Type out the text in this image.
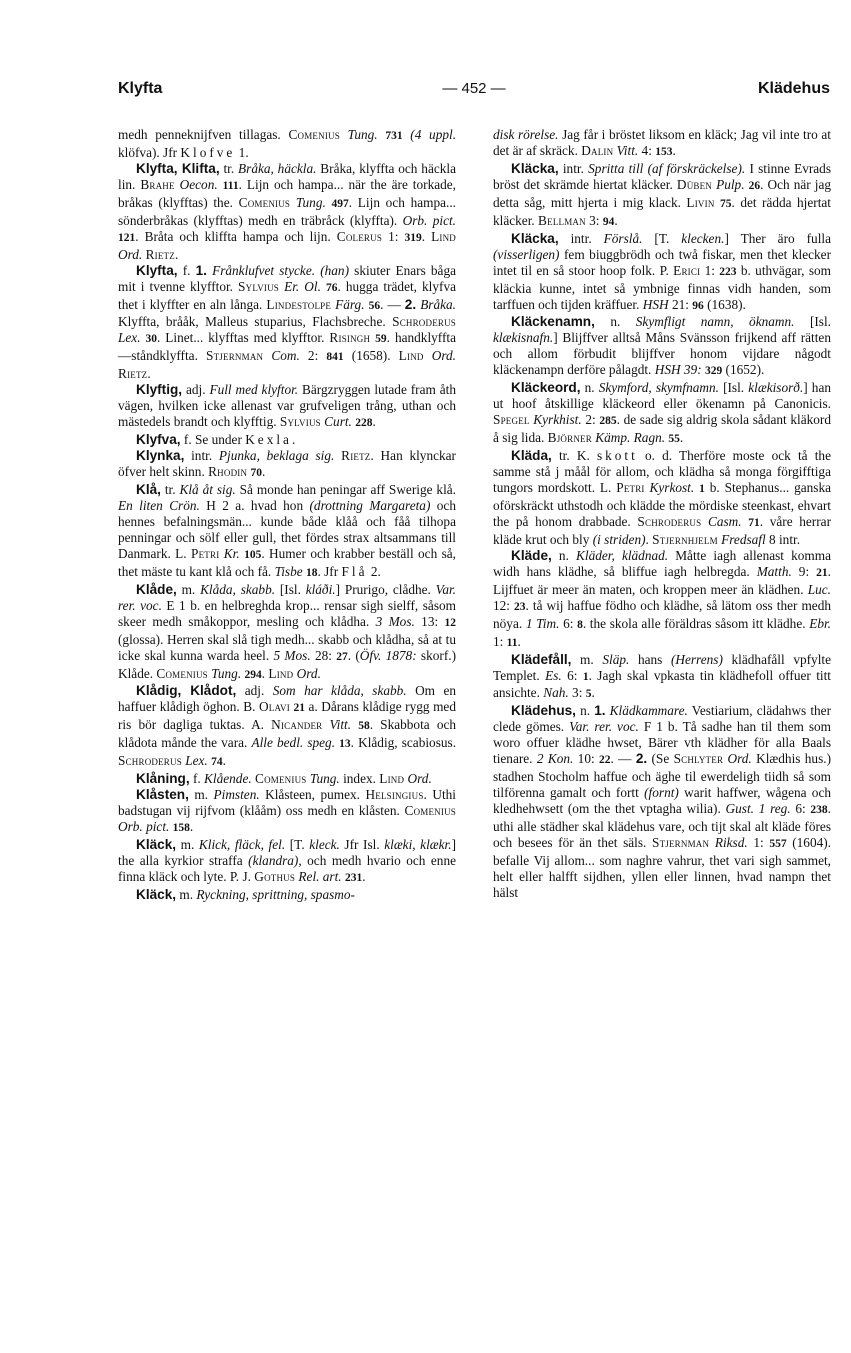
Klyfta	— 452 —	Klädehus

medh penneknijfven tillagas. Comenius Tung. 731 (4 uppl. klöfva). Jfr Klofve 1.

Klyfta, Klifta, tr. Bråka, häckla. Bråka, klyffta och häckla lin. Brahe Oecon. 111. Lijn och hampa... när the äre torkade, bråkas (klyfftas) the. Comenius Tung. 497. Lijn och hampa... sönderbråkas (klyfftas) medh en träbråck (klyffta). Orb. pict. 121. Bråta och kliffta hampa och lijn. Colerus 1: 319. Lind Ord. Rietz.

Klyfta, f. 1. Frånklufvet stycke. (han) skiuter Enars båga mit i tvenne klyfftor. Sylvius Er. Ol. 76. hugga trädet, klyfva thet i klyffter en aln långa. Lindestolpe Färg. 56. — 2. Bråka. Klyffta, brååk, Malleus stuparius, Flachsbreche. Schroderus Lex. 30. Linet... klyfftas med klyfftor. Risingh 59. handklyffta—ståndklyffta. Stjernman Com. 2: 841 (1658). Lind Ord. Rietz.

Klyftig, adj. Full med klyftor. Bärgzryggen lutade fram åth vägen, hvilken icke allenast var grufveligen trång, uthan och mästedels brandt och klyfftig. Sylvius Curt. 228.

Klyfva, f. Se under Kexla.

Klynka, intr. Pjunka, beklaga sig. Rietz. Han klynckar öfver helt skinn. Rhodin 70.

Klå, tr. Klå åt sig. Så monde han peningar aff Swerige klå. En liten Crön. H 2 a. hvad hon (drottning Margareta) och hennes befalningsmän... kunde både klåå och fåå tilhopa penningar och sölf eller gull, thet fördes strax altsammans till Danmark. L. Petri Kr. 105. Humer och krabber beställ och så, thet mäste tu kant klå och få. Tisbe 18. Jfr Flå 2.

Klåde, m. Klåda, skabb. [Isl. kláði.] Prurigo, clådhe. Var. rer. voc. E 1 b. en helbreghda krop... rensar sigh sielff, såsom skeer medh småkoppor, mesling och klådha. 3 Mos. 13: 12 (glossa). Herren skal slå tigh medh... skabb och klådha, så at tu icke skal kunna warda heel. 5 Mos. 28: 27. (Öfv. 1878: skorf.) Klåde. Comenius Tung. 294. Lind Ord.

Klådig, Klådot, adj. Som har klåda, skabb. Om en haffuer klådigh öghon. B. Olavi 21 a. Dårans klådige rygg med ris bör dagliga tuktas. A. Nicander Vitt. 58. Skabbota och klådota månde the vara. Alle bedl. speg. 13. Klådig, scabiosus. Schroderus Lex. 74.

Klåning, f. Klående. Comenius Tung. index. Lind Ord.

Klåsten, m. Pimsten. Klåsteen, pumex. Helsingius. Uthi badstugan vij rijfvom (klååm) oss medh en klåsten. Comenius Orb. pict. 158.

Kläck, m. Klick, fläck, fel. [T. kleck. Jfr Isl. klæki, klækr.] the alla kyrkior straffa (klandra), och medh hvario och enne finna kläck och lyte. P. J. Gothus Rel. art. 231.

Kläck, m. Ryckning, sprittning, spasmo-

disk rörelse. Jag får i bröstet liksom en kläck; Jag vil inte tro at det är af skräck. Dalin Vitt. 4: 153.

Kläcka, intr. Spritta till (af förskräckelse). I stinne Evrads bröst det skrämde hiertat kläcker. Düben Pulp. 26. Och när jag detta såg, mitt hjerta i mig klack. Livin 75. det rädda hjertat kläcker. Bellman 3: 94.

Kläcka, intr. Förslå. [T. klecken.] Ther äro fulla (visserligen) fem biuggbrödh och twå fiskar, men thet klecker intet til en så stoor hoop folk. P. Erici 1: 223 b. uthvägar, som kläckia kunne, intet så ymbnige finnas vidh handen, som tarffuen och tijden kräffuer. HSH 21: 96 (1638).

Kläckenamn, n. Skymfligt namn, öknamn. [Isl. klækisnafn.] Blijffver alltså Måns Svänsson frijkend aff rätten och allom förbudit blijffver honom vijdare någodt kläckenampn derföre pålagdt. HSH 39: 329 (1652).

Kläckeord, n. Skymford, skymfnamn. [Isl. klækisorð.] han ut hoof åtskillige kläckeord eller ökenamn på Canonicis. Spegel Kyrkhist. 2: 285. de sade sig aldrig skola sådant kläkord å sig lida. Björner Kämp. Ragn. 55.

Kläda, tr. K. skott o. d. Therföre moste ock tå the samme stå j måål för allom, och klädha så monga förgifftiga tungors mordskott. L. Petri Kyrkost. 1 b. Stephanus... ganska oförskräckt uthstodh och klädde the mördiske steenkast, ehvart the på honom drabbade. Schroderus Casm. 71. våre herrar kläde krut och bly (i striden). Stjernhjelm Fredsafl 8 intr.

Kläde, n. Kläder, klädnad. Måtte iagh allenast komma widh hans klädhe, så bliffue iagh helbregda. Matth. 9: 21. Lijffuet är meer än maten, och kroppen meer än klädhen. Luc. 12: 23. tå wij haffue födho och klädhe, så lätom oss ther medh nöya. 1 Tim. 6: 8. the skola alle föräldras såsom itt klädhe. Ebr. 1: 11.

Klädefåll, m. Släp. hans (Herrens) klädhafåll vpfylte Templet. Es. 6: 1. Jagh skal vpkasta tin klädhefoll offuer titt ansichte. Nah. 3: 5.

Klädehus, n. 1. Klädkammare. Vestiarium, clädahws ther clede gömes. Var. rer. voc. F 1 b. Tå sadhe han til them som woro offuer klädhe hwset, Bärer vth klädher för alla Baals tienare. 2 Kon. 10: 22. — 2. (Se Schlyter Ord. Klædhis hus.) stadhen Stocholm haffue och äghe til ewerdeligh tiidh så som tilförenna gamalt och fortt (fornt) warit haffwer, wågena och kledhehwsett (om the thet vptagha wilia). Gust. 1 reg. 6: 238. uthi alle städher skal klädehus vare, och tijt skal alt kläde föres och besees för än thet säls. Stjernman Riksd. 1: 557 (1604). befalle Vij allom... som naghre vahrur, thet vari sigh sammet, helt eller halfft sijdhen, yllen eller linnen, hvad nampn thet hälst
